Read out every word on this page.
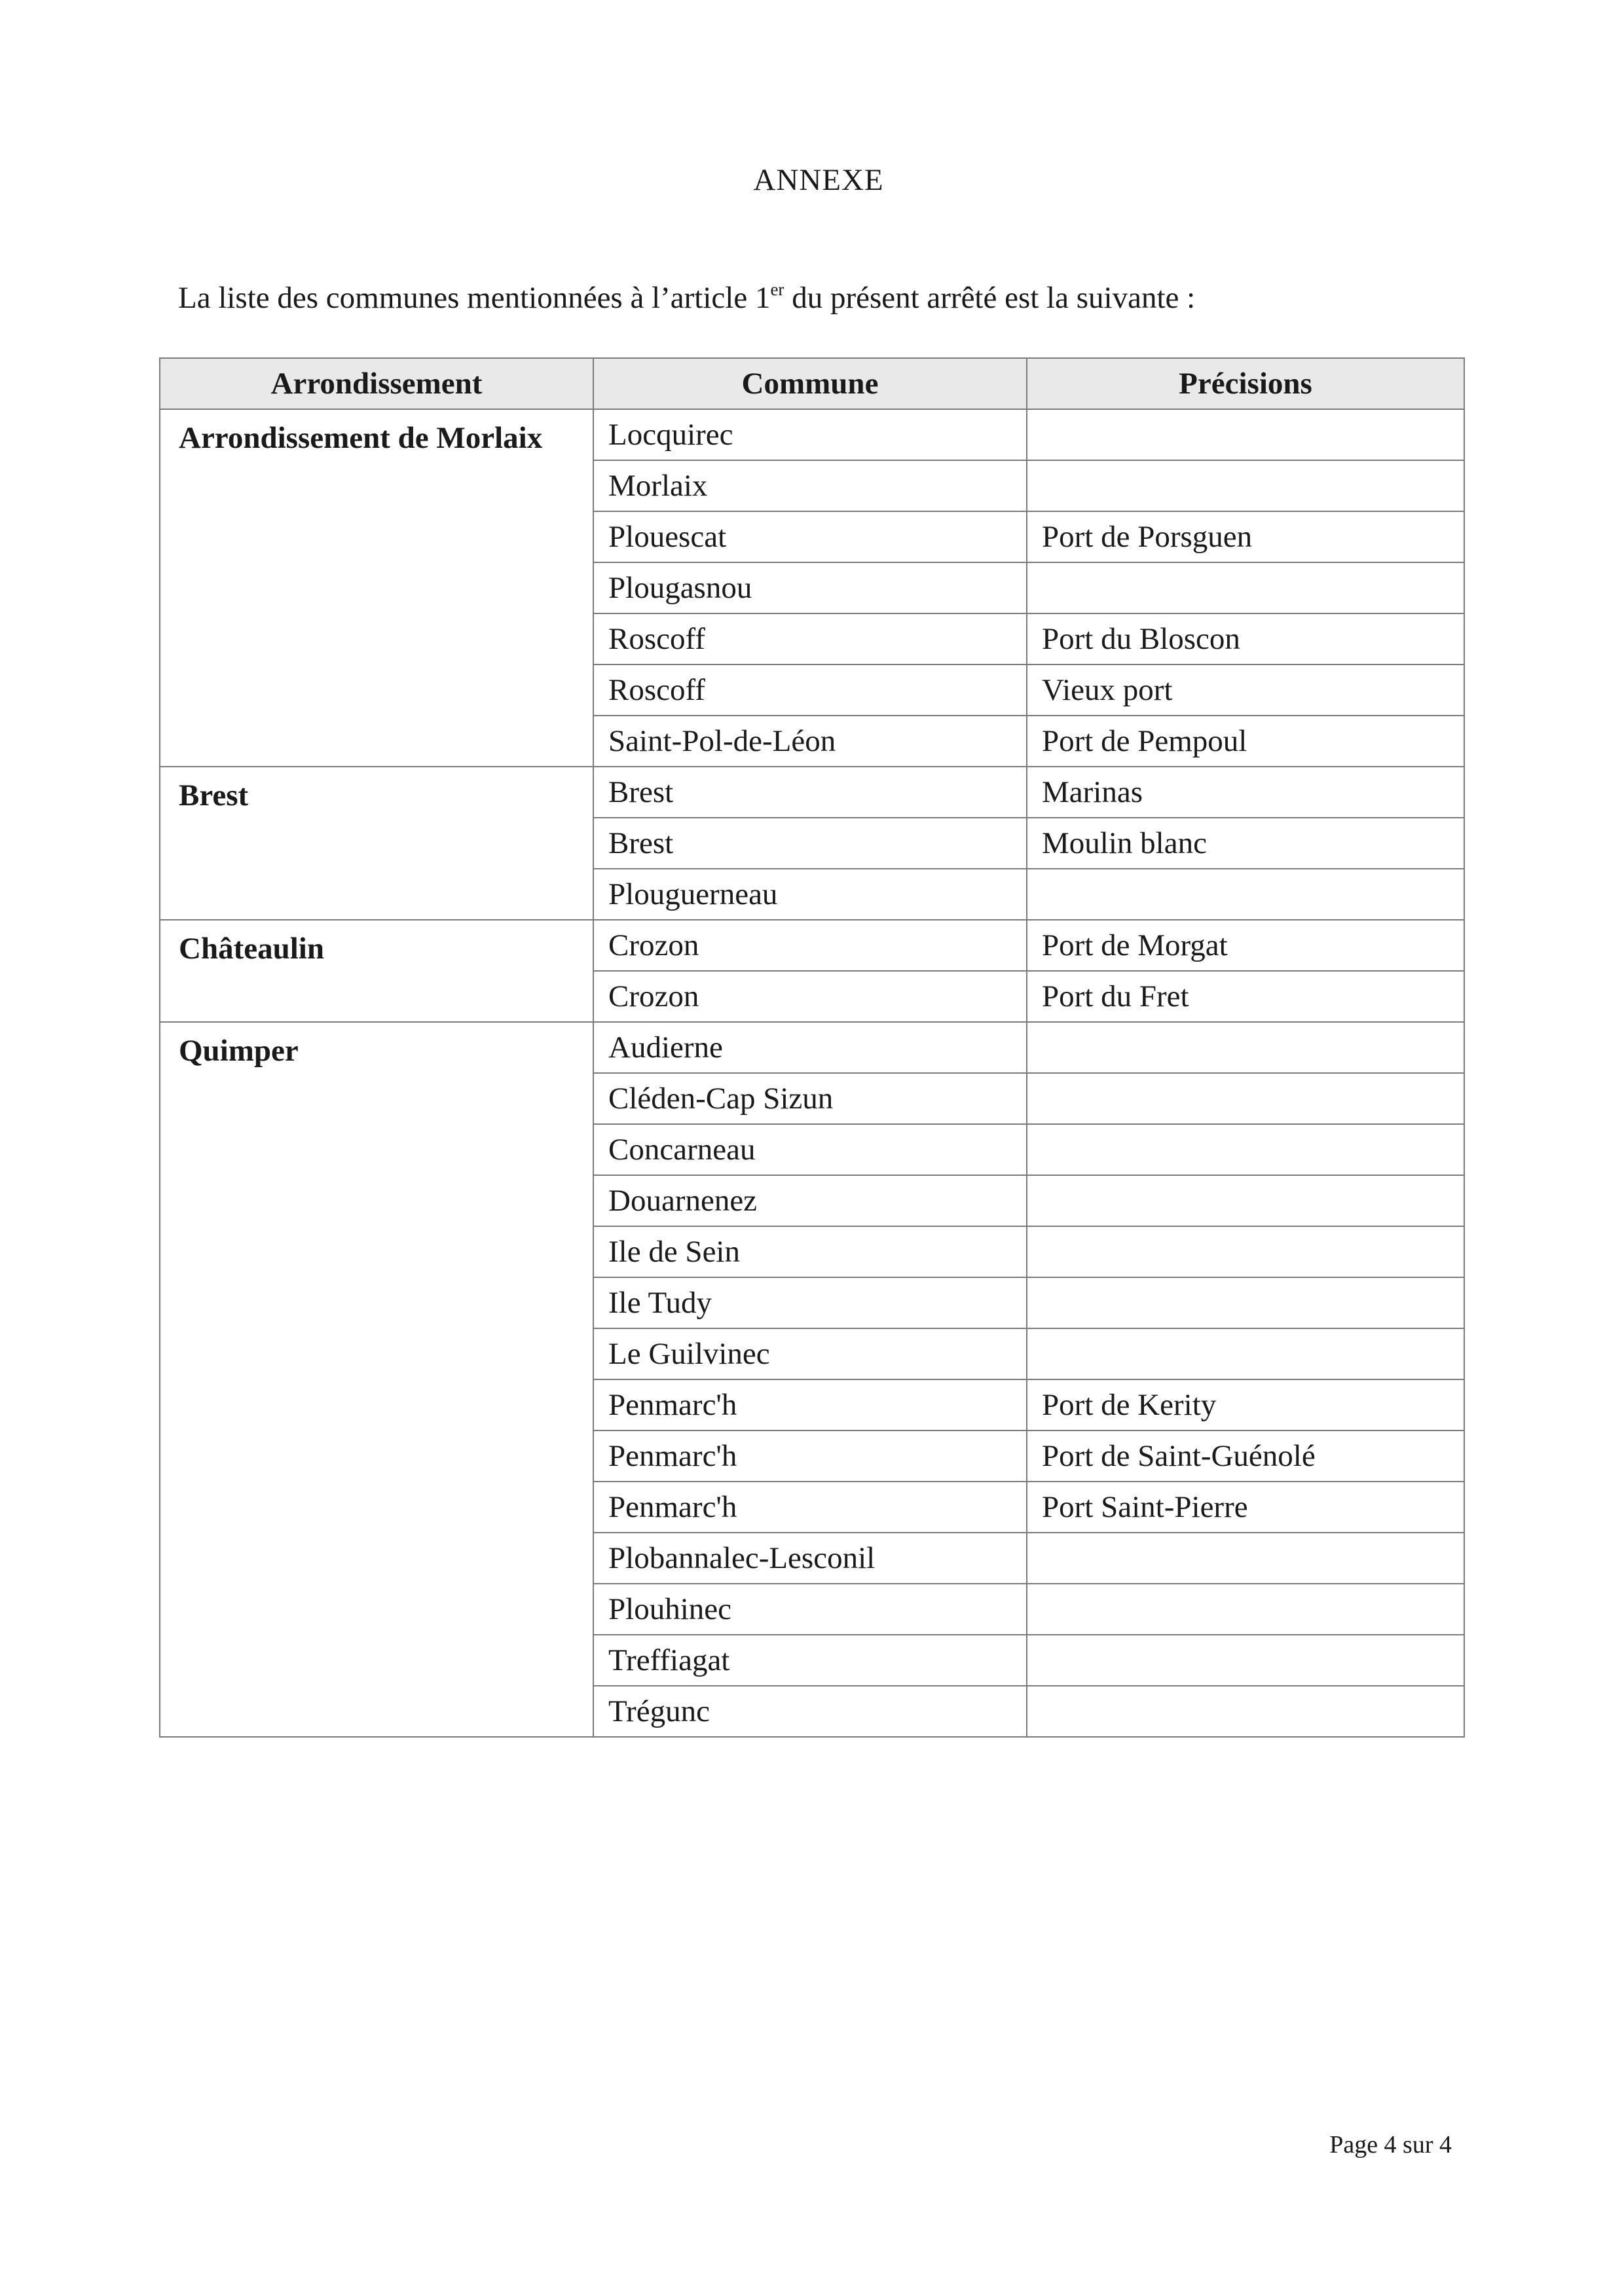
ANNEXE
La liste des communes mentionnées à l’article 1er du présent arrêté est la suivante :
Arrondissement	Commune	Précisions
Arrondissement de Morlaix	Locquirec	
	Morlaix	
	Plouescat	Port de Porsguen
	Plougasnou	
	Roscoff	Port du Bloscon
	Roscoff	Vieux port
	Saint-Pol-de-Léon	Port de Pempoul
Brest	Brest	Marinas
	Brest	Moulin blanc
	Plouguerneau	
Châteaulin	Crozon	Port de Morgat
	Crozon	Port du Fret
Quimper	Audierne	
	Cléden-Cap Sizun	
	Concarneau	
	Douarnenez	
	Ile de Sein	
	Ile Tudy	
	Le Guilvinec	
	Penmarc'h	Port de Kerity
	Penmarc'h	Port de Saint-Guénolé
	Penmarc'h	Port Saint-Pierre
	Plobannalec-Lesconil	
	Plouhinec	
	Treffiagat	
	Trégunc	
Page 4 sur 4
